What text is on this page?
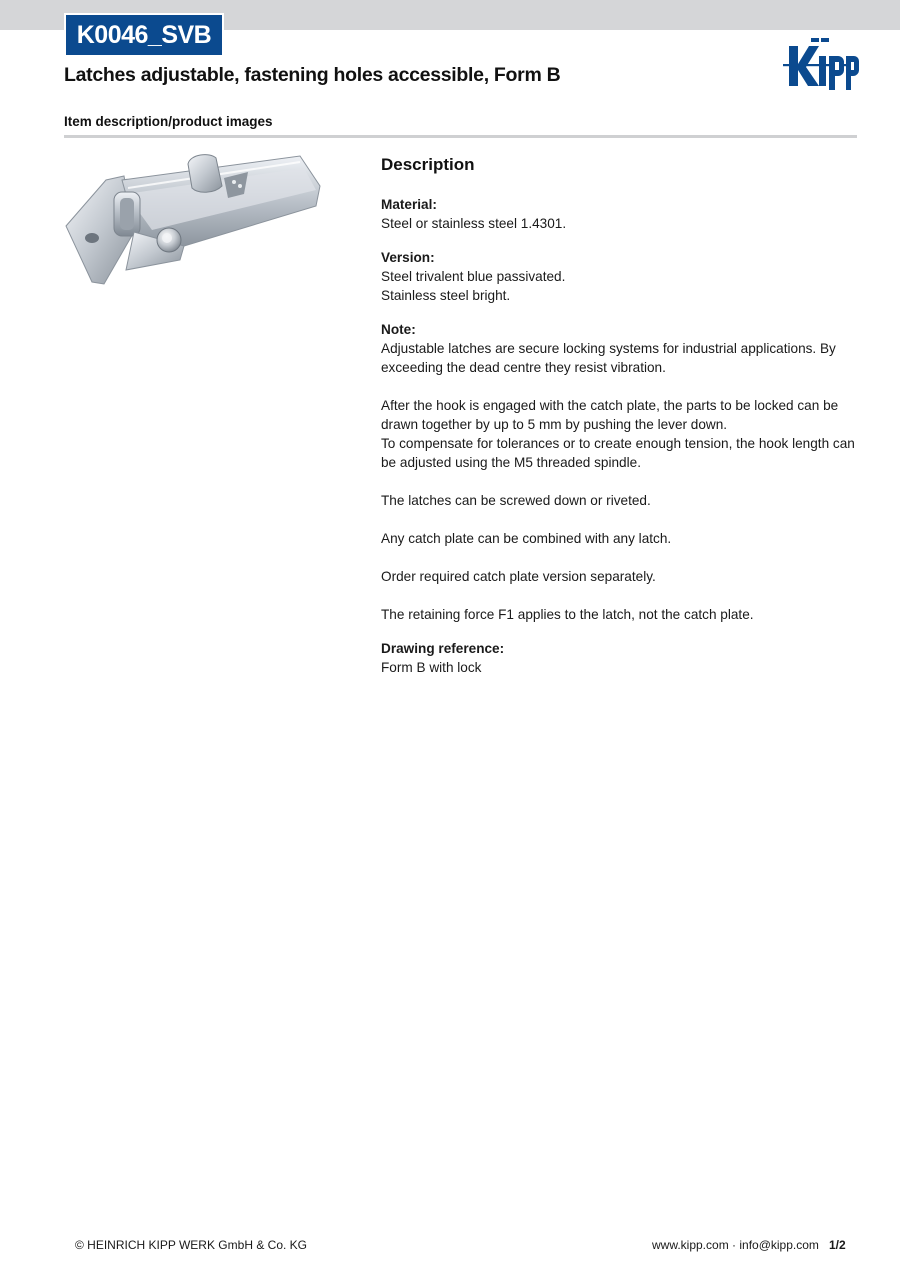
K0046_SVB
Latches adjustable, fastening holes accessible, Form B
Item description/product images
Description
Material:
Steel or stainless steel 1.4301.
Version:
Steel trivalent blue passivated.
Stainless steel bright.
Note:

Adjustable latches are secure locking systems for industrial applications. By exceeding the dead centre they resist vibration.

After the hook is engaged with the catch plate, the parts to be locked can be drawn together by up to 5 mm by pushing the lever down.

To compensate for tolerances or to create enough tension, the hook length can be adjusted using the M5 threaded spindle.

The latches can be screwed down or riveted.

Any catch plate can be combined with any latch.

Order required catch plate version separately.

The retaining force F1 applies to the latch, not the catch plate.

Drawing reference:
Form B with lock
© HEINRICH KIPP WERK GmbH & Co. KG	www.kipp.com · info@kipp.com 1/2
